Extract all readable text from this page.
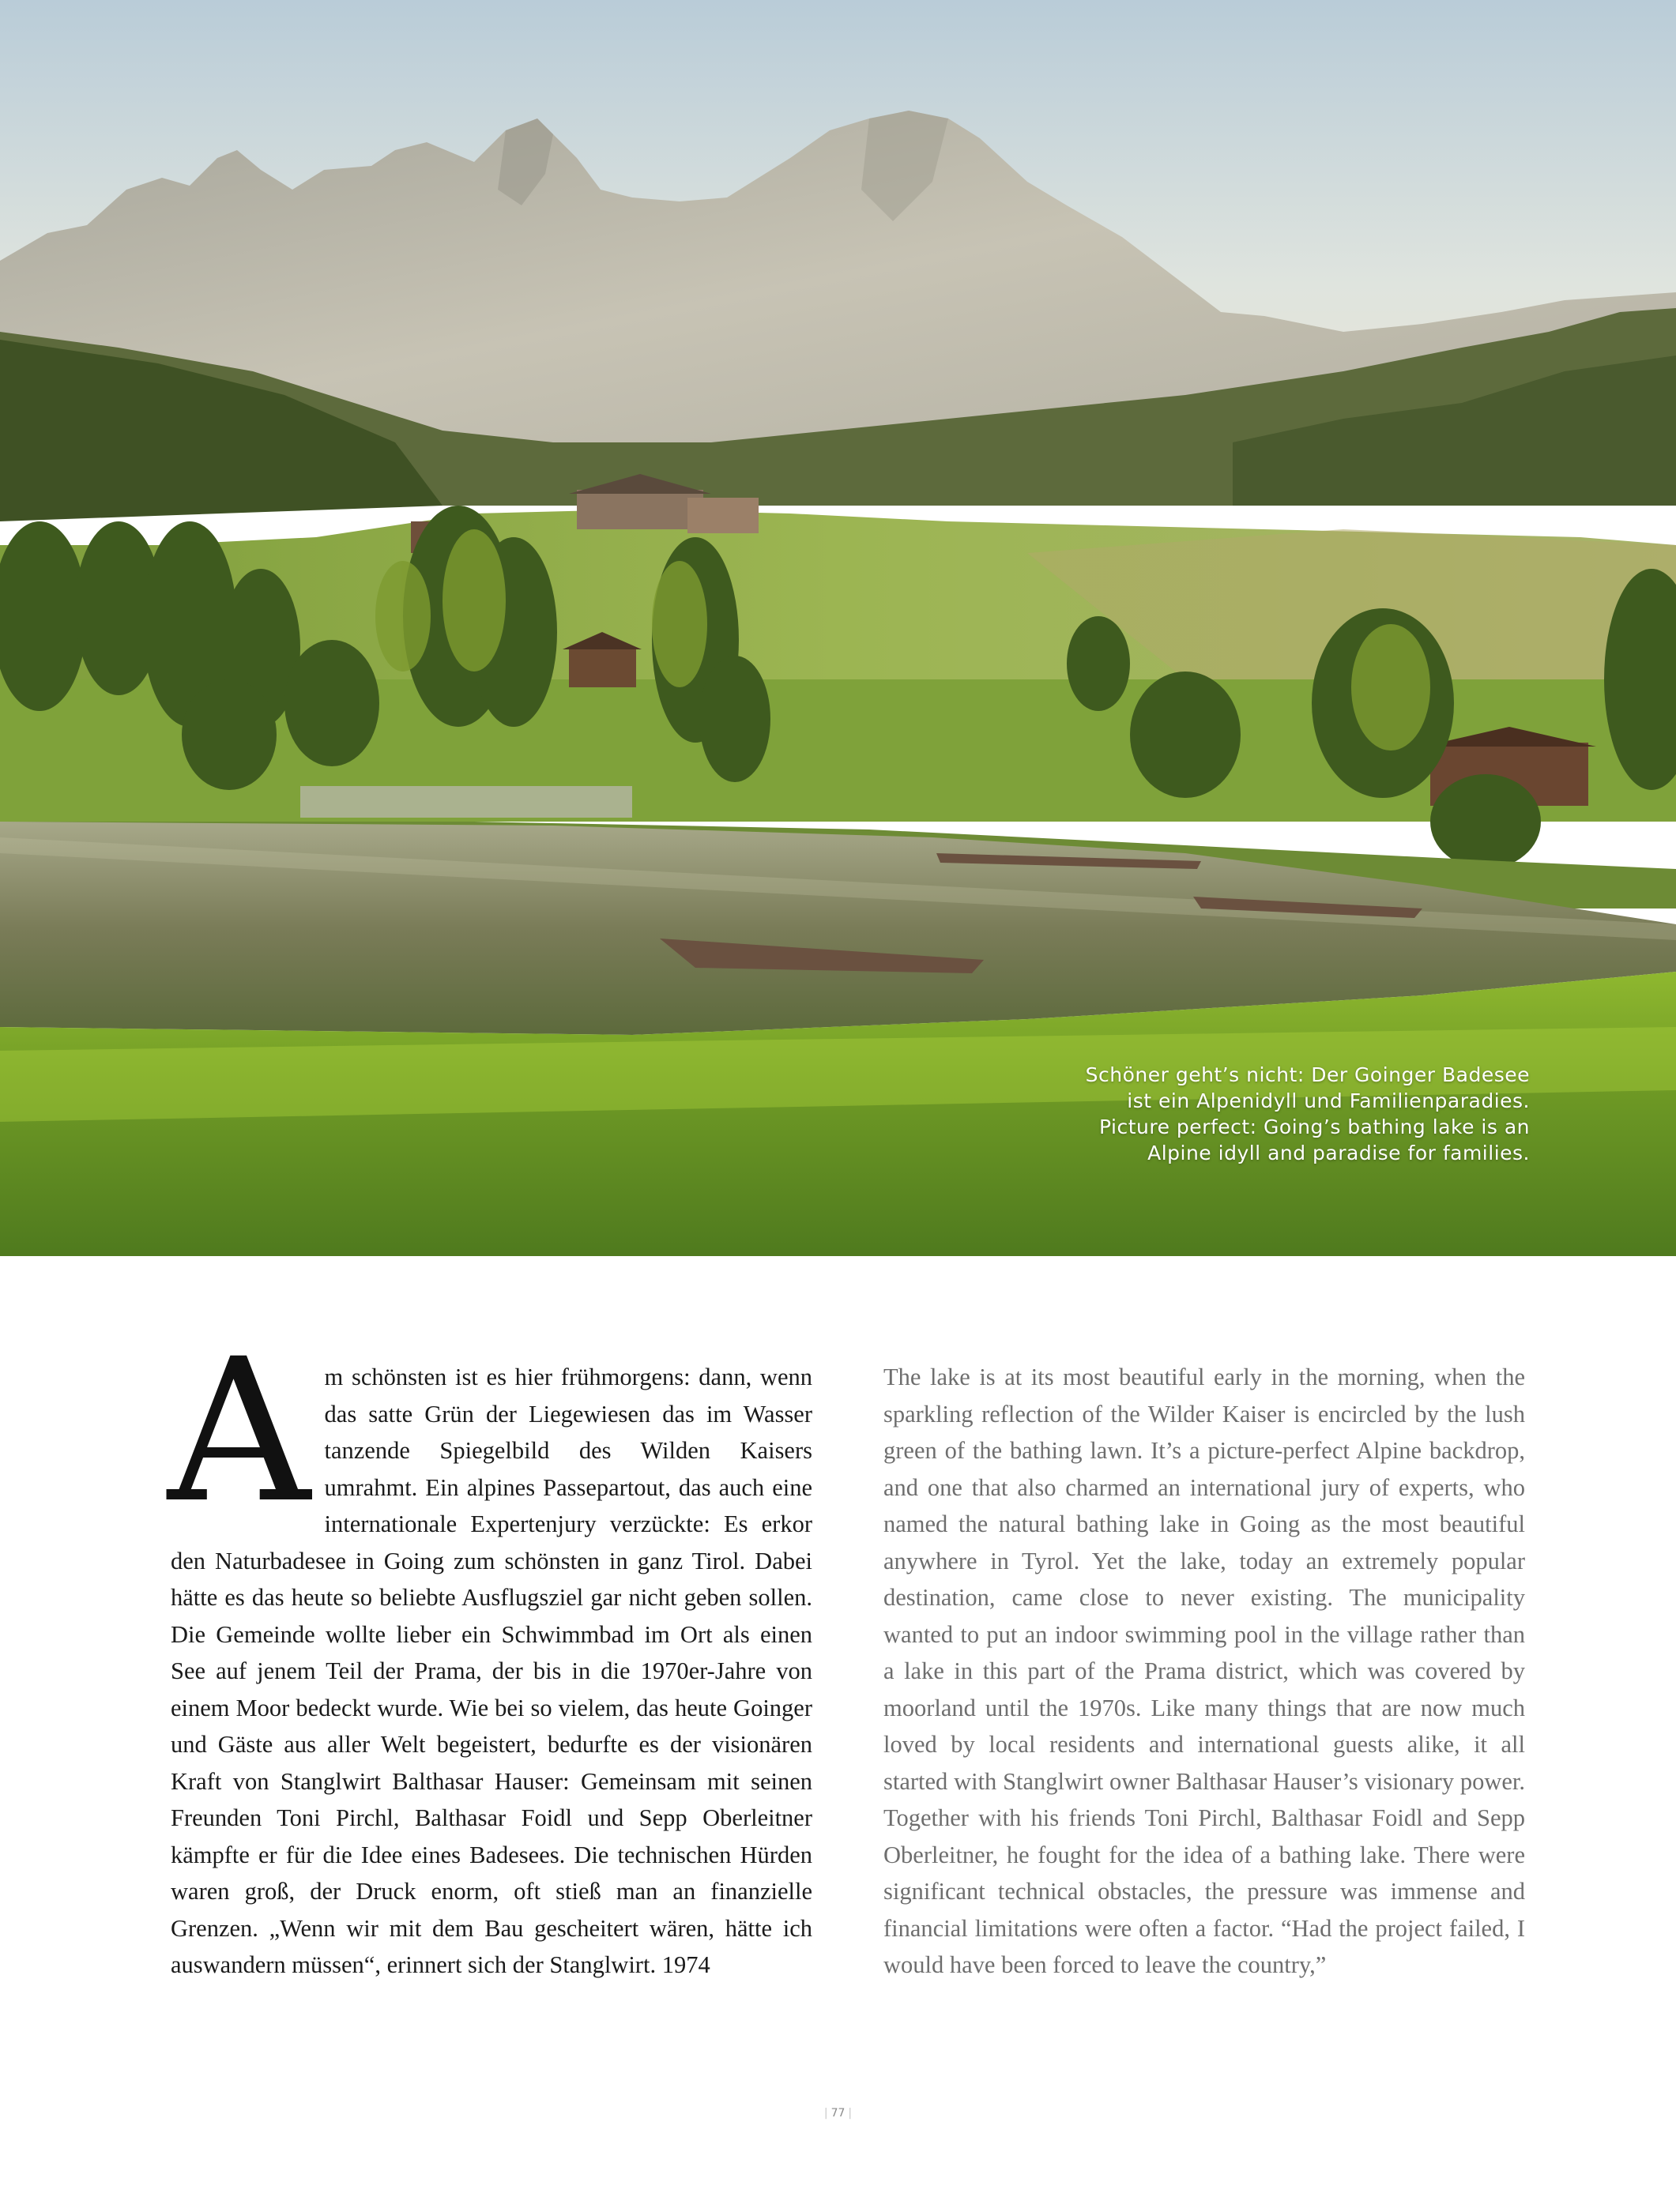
Schöner geht’s nicht: Der Goinger Badesee
ist ein Alpenidyll und Familienparadies.
Picture perfect: Going’s bathing lake is an
Alpine idyll and paradise for families.
A m schönsten ist es hier frühmorgens: dann, wenn das satte Grün der Liegewiesen das im Wasser tanzende Spiegelbild des Wilden Kaisers umrahmt. Ein alpines Passepartout, das auch eine internationale Expertenjury verzückte: Es erkor den Naturbadesee in Going zum schönsten in ganz Tirol. Dabei hätte es das heute so beliebte Ausflugsziel gar nicht geben sollen. Die Gemeinde wollte lieber ein Schwimmbad im Ort als einen See auf jenem Teil der Prama, der bis in die 1970er-Jahre von einem Moor bedeckt wurde. Wie bei so vielem, das heute Goinger und Gäste aus aller Welt begeistert, bedurfte es der visionären Kraft von Stanglwirt Balthasar Hauser: Gemeinsam mit seinen Freunden Toni Pirchl, Balthasar Foidl und Sepp Oberleitner kämpfte er für die Idee eines Badesees. Die technischen Hürden waren groß, der Druck enorm, oft stieß man an finanzielle Grenzen. „Wenn wir mit dem Bau gescheitert wären, hätte ich auswandern müssen“, erinnert sich der Stanglwirt. 1974
The lake is at its most beautiful early in the morning, when the sparkling reflection of the Wilder Kaiser is encircled by the lush green of the bathing lawn. It’s a picture-perfect Alpine backdrop, and one that also charmed an international jury of experts, who named the natural bathing lake in Going as the most beautiful anywhere in Tyrol. Yet the lake, today an extremely popular destination, came close to never existing. The municipality wanted to put an indoor swimming pool in the village rather than a lake in this part of the Prama district, which was covered by moorland until the 1970s. Like many things that are now much loved by local residents and international guests alike, it all started with Stanglwirt owner Balthasar Hauser’s visionary power. Together with his friends Toni Pirchl, Balthasar Foidl and Sepp Oberleitner, he fought for the idea of a bathing lake. There were significant technical obstacles, the pressure was immense and financial limitations were often a factor. “Had the project failed, I would have been forced to leave the country,”
| 77 |
